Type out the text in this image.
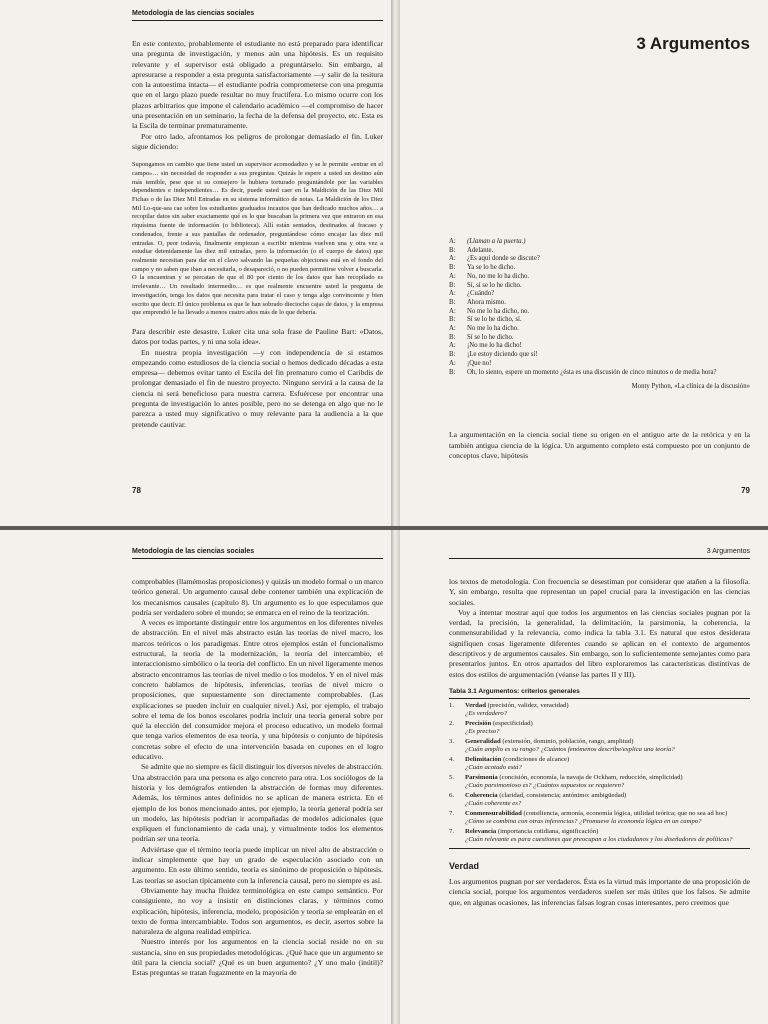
Metodología de las ciencias sociales

En este contexto, probablemente el estudiante no está preparado para identificar una pregunta de investigación, y menos aún una hipótesis. Es un requisito relevante y el supervisor está obligado a preguntárselo. Sin embargo, al apresurarse a responder a esta pregunta satisfactoriamente —y salir de la tesitura con la autoestima intacta— el estudiante podría comprometerse con una pregunta que en el largo plazo puede resultar no muy fructífera. Lo mismo ocurre con los plazos arbitrarios que impone el calendario académico —el compromiso de hacer una presentación en un seminario, la fecha de la defensa del proyecto, etc. Esta es la Escila de terminar prematuramente.

Por otro lado, afrontamos los peligros de prolongar demasiado el fin. Luker sigue diciendo:

Supongamos en cambio que tiene usted un supervisor acomodadizo y se le permite «entrar en el campo»… sin necesidad de responder a sus preguntas. Quizás le espere a usted un destino aún más temible, pese que si su consejero le hubiera torturado preguntándole por las variables dependientes e independientes… Es decir, puede usted caer en la Maldición de las Diez Mil Fichas o de las Diez Mil Entradas en su sistema informático de notas. La Maldición de los Diez Mil Lo-que-sea cae sobre los estudiantes graduados incautos que han dedicado muchos años… a recopilar datos sin saber exactamente qué es lo que buscaban la primera vez que entraron en esa riquísima fuente de información (o biblioteca). Allí están sentados, destinados al fracaso y condenados, frente a sus pantallas de ordenador, preguntándose cómo encajar las diez mil entradas. O, peor todavía, finalmente empiezan a escribir mientras vuelven una y otra vez a estudiar detenidamente las diez mil entradas, pero la información (o el cuerpo de datos) que realmente necesitan para dar en el clavo salvando las pequeñas objeciones está en el fondo del campo y no saben que iban a necesitarla, o desapareció, o no pueden permitirse volver a buscarla. O la encuentran y se percatan de que el 80 por ciento de los datos que han recopilado es irrelevante… Un resultado intermedio… es que realmente encuentre usted la pregunta de investigación, tenga los datos que necesita para tratar el caso y tenga algo convincente y bien escrito que decir. El único problema es que le han sobrado dieciocho cajas de datos, y la empresa que emprendió le ha llevado a menos cuatro años más de lo que debería.

Para describir este desastre, Luker cita una sola frase de Pauline Bart: «Datos, datos por todas partes, y ni una sola idea».

En nuestra propia investigación —y con independencia de si estamos empezando como estudiosos de la ciencia social o hemos dedicado décadas a esta empresa— debemos evitar tanto el Escila del fin prematuro como el Caribdis de prolongar demasiado el fin de nuestro proyecto. Ninguno servirá a la causa de la ciencia ni será beneficioso para nuestra carrera. Esfuércese por encontrar una pregunta de investigación lo antes posible, pero no se detenga en algo que no le parezca a usted muy significativo o muy relevante para la audiencia a la que pretende cautivar.

78
3 Argumentos
A:	(Llaman a la puerta.)
B:	Adelante.
A:	¿Es aquí donde se discute?
B:	Ya se lo he dicho.
A:	No, no me lo ha dicho.
B:	Sí, sí se lo he dicho.
A:	¿Cuándo?
B:	Ahora mismo.
A:	No me lo ha dicho, no.
B:	Sí se lo he dicho, sí.
A:	No me lo ha dicho.
B:	Sí se lo he dicho.
A:	¡No me lo ha dicho!
B:	¡Le estoy diciendo que sí!
A:	¡Que no!
B:	Oh, lo siento, espere un momento ¿ésta es una discusión de cinco minutos o de media hora?
Monty Python, «La clínica de la discusión»

La argumentación en la ciencia social tiene su origen en el antiguo arte de la retórica y en la también antigua ciencia de la lógica. Un argumento completo está compuesto por un conjunto de conceptos clave, hipótesis

79
Metodología de las ciencias sociales

comprobables (llamémoslas proposiciones) y quizás un modelo formal o un marco teórico general. Un argumento causal debe contener también una explicación de los mecanismos causales (capítulo 8). Un argumento es lo que especulamos que podría ser verdadero sobre el mundo; se enmarca en el reino de la teorización.

A veces es importante distinguir entre los argumentos en los diferentes niveles de abstracción. En el nivel más abstracto están las teorías de nivel macro, los marcos teóricos o los paradigmas. Entre otros ejemplos están el funcionalismo estructural, la teoría de la modernización, la teoría del intercambio, el interaccionismo simbólico o la teoría del conflicto. En un nivel ligeramente menos abstracto encontramos las teorías de nivel medio o los modelos. Y en el nivel más concreto hablamos de hipótesis, inferencias, teorías de nivel micro o proposiciones, que supuestamente son directamente comprobables. (Las explicaciones se pueden incluir en cualquier nivel.) Así, por ejemplo, el trabajo sobre el tema de los bonos escolares podría incluir una teoría general sobre por qué la elección del consumidor mejora el proceso educativo, un modelo formal que tenga varios elementos de esa teoría, y una hipótesis o conjunto de hipótesis concretas sobre el efecto de una intervención basada en cupones en el logro educativo.

Se admite que no siempre es fácil distinguir los diversos niveles de abstracción. Una abstracción para una persona es algo concreto para otra. Los sociólogos de la historia y los demógrafos entienden la abstracción de formas muy diferentes. Además, los términos antes definidos no se aplican de manera estricta. En el ejemplo de los bonos mencionado antes, por ejemplo, la teoría general podría ser un modelo, las hipótesis podrían ir acompañadas de modelos adicionales (que expliquen el funcionamiento de cada una), y virtualmente todos los elementos podrían ser una teoría.

Adviértase que el término teoría puede implicar un nivel alto de abstracción o indicar simplemente que hay un grado de especulación asociado con un argumento. En este último sentido, teoría es sinónimo de proposición o hipótesis. Las teorías se asocian típicamente con la inferencia causal, pero no siempre es así.

Obviamente hay mucha fluidez terminológica en este campo semántico. Por consiguiente, no voy a insistir en distinciones claras, y términos como explicación, hipótesis, inferencia, modelo, proposición y teoría se emplearán en el texto de forma intercambiable. Todos son argumentos, es decir, asertos sobre la naturaleza de alguna realidad empírica.

Nuestro interés por los argumentos en la ciencia social reside no en su sustancia, sino en sus propiedades metodológicas. ¿Qué hace que un argumento se útil para la ciencia social? ¿Qué es un buen argumento? ¿Y uno malo (inútil)? Estas preguntas se tratan fugazmente en la mayoría de

3 Argumentos

los textos de metodología. Con frecuencia se desestiman por considerar que atañen a la filosofía. Y, sin embargo, resulta que representan un papel crucial para la investigación en las ciencias sociales.

Voy a intentar mostrar aquí que todos los argumentos en las ciencias sociales pugnan por la verdad, la precisión, la generalidad, la delimitación, la parsimonia, la coherencia, la conmensurabilidad y la relevancia, como indica la tabla 3.1. Es natural que estos desiderata signifiquen cosas ligeramente diferentes cuando se aplican en el contexto de argumentos descriptivos y de argumentos causales. Sin embargo, son lo suficientemente semejantes como para presentarlos juntos. En otros apartados del libro exploraremos las características distintivas de estos dos estilos de argumentación (véanse las partes II y III).

Tabla 3.1 Argumentos: criterios generales
1.	Verdad (precisión, validez, veracidad)
¿Es verdadero?
2.	Precisión (especificidad)
¿Es preciso?
3.	Generalidad (extensión, dominio, población, rango, amplitud)
¿Cuán amplio es su rango? ¿Cuántos fenómenos describe/explica una teoría?
4.	Delimitación (condiciones de alcance)
¿Cuán acotado está?
5.	Parsimonia (concisión, economía, la navaja de Ockham, reducción, simplicidad)
¿Cuán parsimonioso es? ¿Cuántos supuestos se requieren?
6.	Coherencia (claridad, consistencia; antónimo: ambigüedad)
¿Cuán coherente es?
7.	Conmensurabilidad (consiliencia, armonía, economía lógica, utilidad teórica; que no sea ad hoc)
¿Cómo se combina con otras inferencias? ¿Promueve la economía lógica en un campo?
7.	Relevancia (importancia cotidiana, significación)
¿Cuán relevante es para cuestiones que preocupan a los ciudadanos y los diseñadores de políticas?
Verdad

Los argumentos pugnan por ser verdaderos. Ésta es la virtud más importante de una proposición de ciencia social, porque los argumentos verdaderos suelen ser más útiles que los falsos. Se admite que, en algunas ocasiones, las inferencias falsas logran cosas interesantes, pero creemos que
